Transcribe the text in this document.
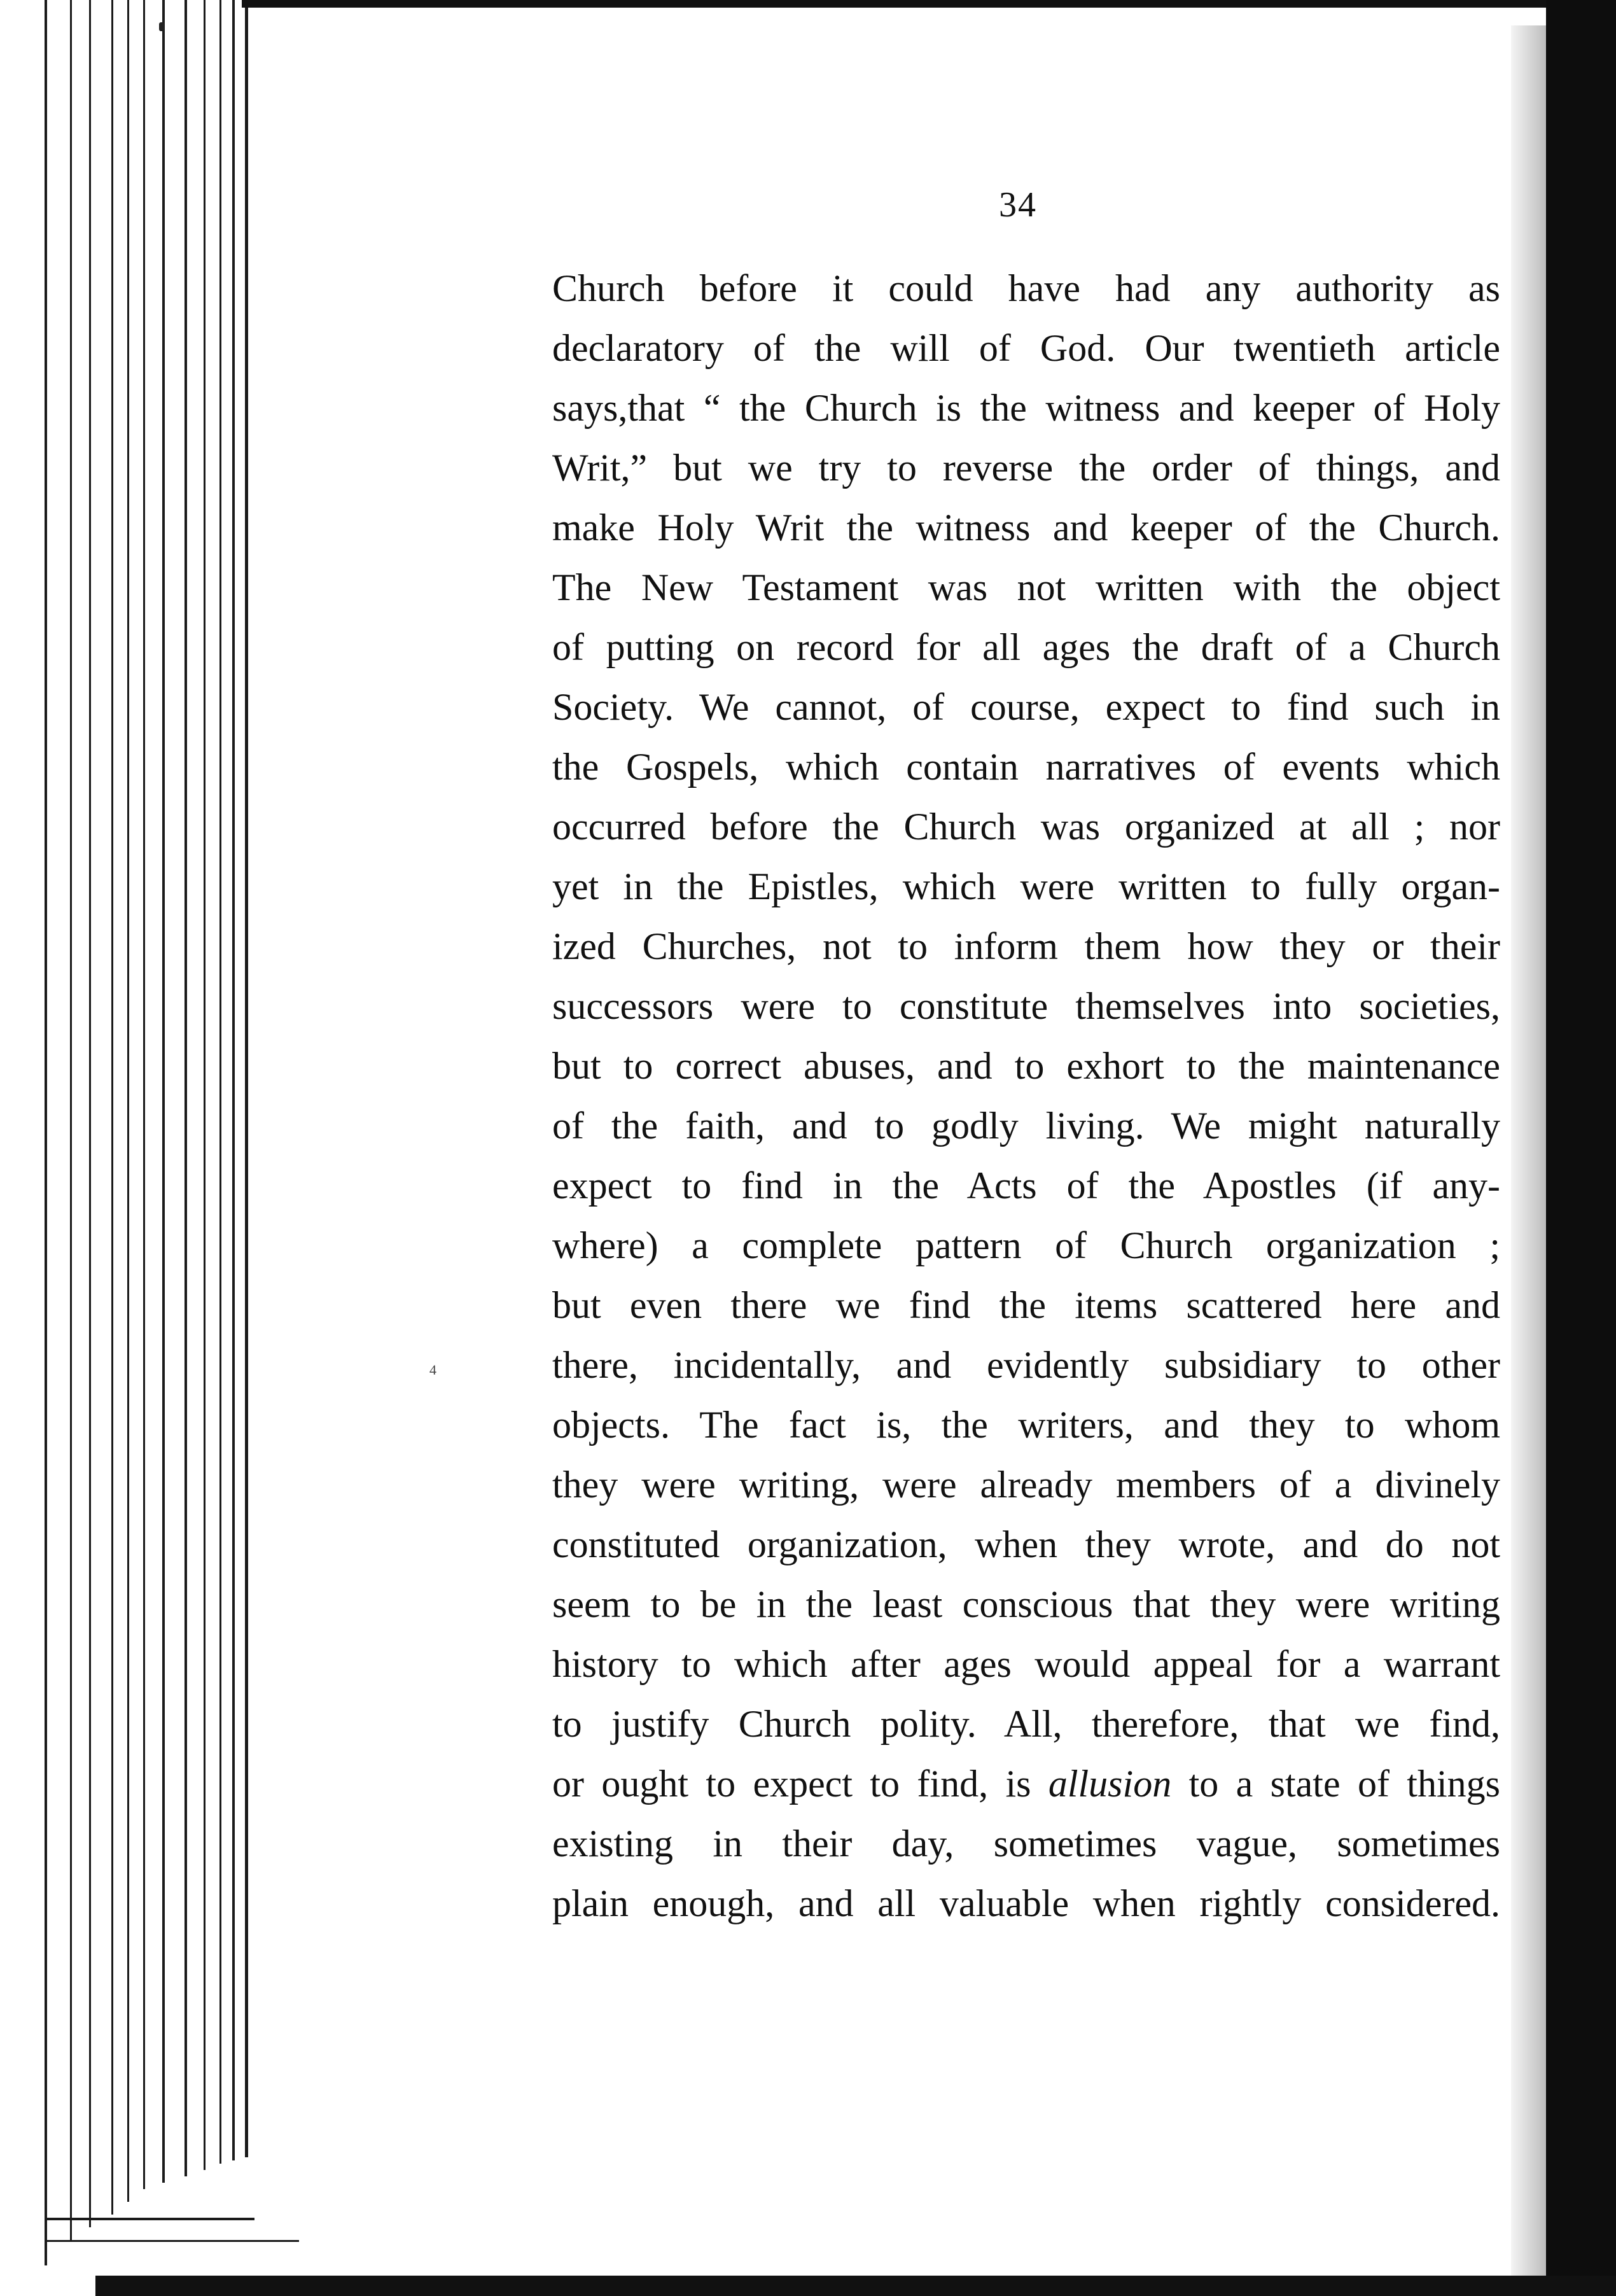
34
4
Church before it could have had any authority as
declaratory of the will of God. Our twentieth article
says,that “ the Church is the witness and keeper of Holy
Writ,” but we try to reverse the order of things, and
make Holy Writ the witness and keeper of the Church.
The New Testament was not written with the object
of putting on record for all ages the draft of a Church
Society. We cannot, of course, expect to find such in
the Gospels, which contain narratives of events which
occurred before the Church was organized at all ; nor
yet in the Epistles, which were written to fully organ-
ized Churches, not to inform them how they or their
successors were to constitute themselves into societies,
but to correct abuses, and to exhort to the maintenance
of the faith, and to godly living. We might naturally
expect to find in the Acts of the Apostles (if any-
where) a complete pattern of Church organization ;
but even there we find the items scattered here and
there, incidentally, and evidently subsidiary to other
objects. The fact is, the writers, and they to whom
they were writing, were already members of a divinely
constituted organization, when they wrote, and do not
seem to be in the least conscious that they were writing
history to which after ages would appeal for a warrant
to justify Church polity. All, therefore, that we find,
or ought to expect to find, is allusion to a state of things
existing in their day, sometimes vague, sometimes
plain enough, and all valuable when rightly considered.
